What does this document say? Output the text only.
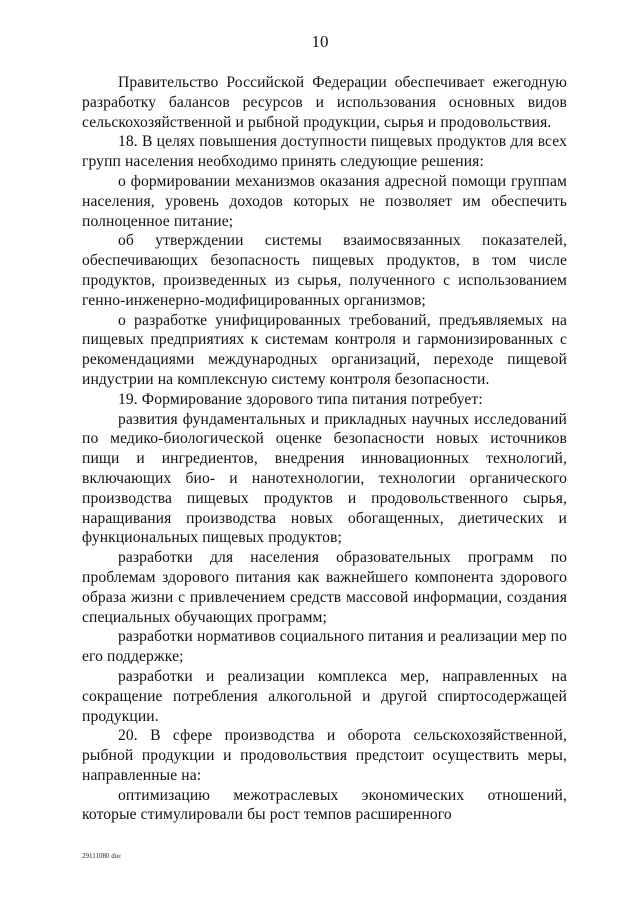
10

Правительство Российской Федерации обеспечивает ежегодную разработку балансов ресурсов и использования основных видов сельскохозяйственной и рыбной продукции, сырья и продовольствия.

18. В целях повышения доступности пищевых продуктов для всех групп населения необходимо принять следующие решения:

о формировании механизмов оказания адресной помощи группам населения, уровень доходов которых не позволяет им обеспечить полноценное питание;

об утверждении системы взаимосвязанных показателей, обеспечивающих безопасность пищевых продуктов, в том числе продуктов, произведенных из сырья, полученного с использованием генно-инженерно-модифицированных организмов;

о разработке унифицированных требований, предъявляемых на пищевых предприятиях к системам контроля и гармонизированных с рекомендациями международных организаций, переходе пищевой индустрии на комплексную систему контроля безопасности.

19. Формирование здорового типа питания потребует:

развития фундаментальных и прикладных научных исследований по медико-биологической оценке безопасности новых источников пищи и ингредиентов, внедрения инновационных технологий, включающих био- и нанотехнологии, технологии органического производства пищевых продуктов и продовольственного сырья, наращивания производства новых обогащенных, диетических и функциональных пищевых продуктов;

разработки для населения образовательных программ по проблемам здорового питания как важнейшего компонента здорового образа жизни с привлечением средств массовой информации, создания специальных обучающих программ;

разработки нормативов социального питания и реализации мер по его поддержке;

разработки и реализации комплекса мер, направленных на сокращение потребления алкогольной и другой спиртосодержащей продукции.

20. В сфере производства и оборота сельскохозяйственной, рыбной продукции и продовольствия предстоит осуществить меры, направленные на:

оптимизацию межотраслевых экономических отношений, которые стимулировали бы рост темпов расширенного

29111080 doc
